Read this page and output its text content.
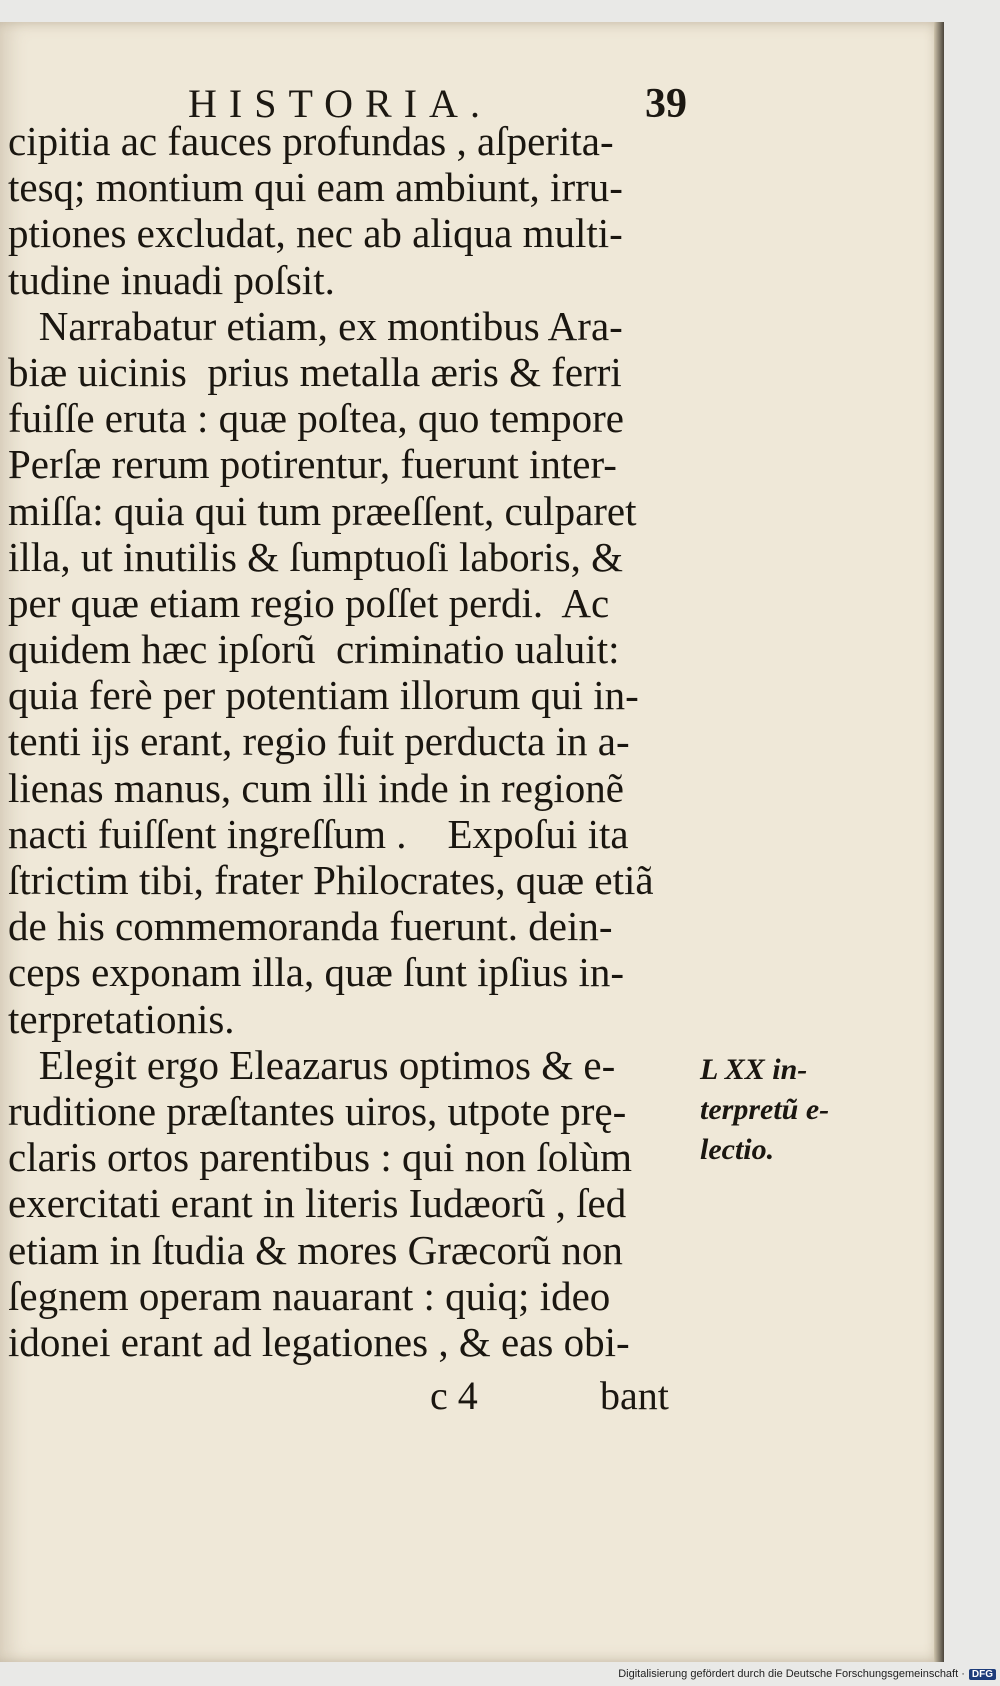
HISTORIA.	39
cipitia ac fauces profundas , aſperita-
tesq; montium qui eam ambiunt, irru-
ptiones excludat, nec ab aliqua multi-
tudine inuadi poſsit.
Narrabatur etiam, ex montibus Ara-
biæ uicinis  prius metalla æris & ferri
fuiſſe eruta : quæ poſtea, quo tempore
Perſæ rerum potirentur, fuerunt inter-
miſſa: quia qui tum præeſſent, culparet
illa, ut inutilis & ſumptuoſi laboris, &
per quæ etiam regio poſſet perdi.  Ac
quidem hæc ipſorũ  criminatio ualuit:
quia ferè per potentiam illorum qui in-
tenti ijs erant, regio fuit perducta in a-
lienas manus, cum illi inde in regionẽ
nacti fuiſſent ingreſſum .    Expoſui ita
ſtrictim tibi, frater Philocrates, quæ etiã
de his commemoranda fuerunt. dein-
ceps exponam illa, quæ ſunt ipſius in-
terpretationis.
Elegit ergo Eleazarus optimos & e-
ruditione præſtantes uiros, utpote prę-
claris ortos parentibus : qui non ſolùm
exercitati erant in literis Iudæorũ , ſed
etiam in ſtudia & mores Græcorũ non
ſegnem operam nauarant : quiq; ideo
idonei erant ad legationes , & eas obi-
L XX in-
terpretũ e-
lectio.
c 4	bant
Digitalisierung gefördert durch die Deutsche Forschungsgemeinschaft · DFG
